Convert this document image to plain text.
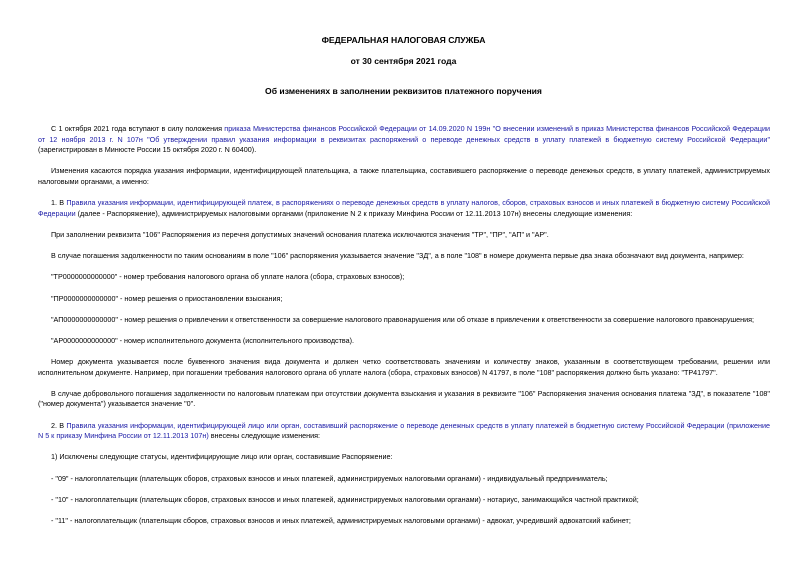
ФЕДЕРАЛЬНАЯ НАЛОГОВАЯ СЛУЖБА
от 30 сентября 2021 года
Об изменениях в заполнении реквизитов платежного поручения

С 1 октября 2021 года вступают в силу положения приказа Министерства финансов Российской Федерации от 14.09.2020 N 199н "О внесении изменений в приказ Министерства финансов Российской Федерации от 12 ноября 2013 г. N 107н "Об утверждении правил указания информации в реквизитах распоряжений о переводе денежных средств в уплату платежей в бюджетную систему Российской Федерации" (зарегистрирован в Минюсте России 15 октября 2020 г. N 60400).

Изменения касаются порядка указания информации, идентифицирующей плательщика, а также плательщика, составившего распоряжение о переводе денежных средств, в уплату платежей, администрируемых налоговыми органами, а именно:

1. В Правила указания информации, идентифицирующей платеж, в распоряжениях о переводе денежных средств в уплату налогов, сборов, страховых взносов и иных платежей в бюджетную систему Российской Федерации (далее - Распоряжение), администрируемых налоговыми органами (приложение N 2 к приказу Минфина России от 12.11.2013 107н) внесены следующие изменения:

При заполнении реквизита "106" Распоряжения из перечня допустимых значений основания платежа исключаются значения "ТР", "ПР", "АП" и "АР".

В случае погашения задолженности по таким основаниям в поле "106" распоряжения указывается значение "ЗД", а в поле "108" в номере документа первые два знака обозначают вид документа, например:

"ТР0000000000000" - номер требования налогового органа об уплате налога (сбора, страховых взносов);

"ПР0000000000000" - номер решения о приостановлении взыскания;

"АП0000000000000" - номер решения о привлечении к ответственности за совершение налогового правонарушения или об отказе в привлечении к ответственности за совершение налогового правонарушения;

"АР0000000000000" - номер исполнительного документа (исполнительного производства).

Номер документа указывается после буквенного значения вида документа и должен четко соответствовать значениям и количеству знаков, указанным в соответствующем требовании, решении или исполнительном документе. Например, при погашении требования налогового органа об уплате налога (сбора, страховых взносов) N 41797, в поле "108" распоряжения должно быть указано: "ТР41797".

В случае добровольного погашения задолженности по налоговым платежам при отсутствии документа взыскания и указания в реквизите "106" Распоряжения значения основания платежа "ЗД", в показателе "108" ("номер документа") указывается значение "0".

2. В Правила указания информации, идентифицирующей лицо или орган, составивший распоряжение о переводе денежных средств в уплату платежей в бюджетную систему Российской Федерации (приложение N 5 к приказу Минфина России от 12.11.2013 107н) внесены следующие изменения:

1) Исключены следующие статусы, идентифицирующие лицо или орган, составившие Распоряжение:

- "09" - налогоплательщик (плательщик сборов, страховых взносов и иных платежей, администрируемых налоговыми органами) - индивидуальный предприниматель;

- "10" - налогоплательщик (плательщик сборов, страховых взносов и иных платежей, администрируемых налоговыми органами) - нотариус, занимающийся частной практикой;

- "11" - налогоплательщик (плательщик сборов, страховых взносов и иных платежей, администрируемых налоговыми органами) - адвокат, учредивший адвокатский кабинет;
